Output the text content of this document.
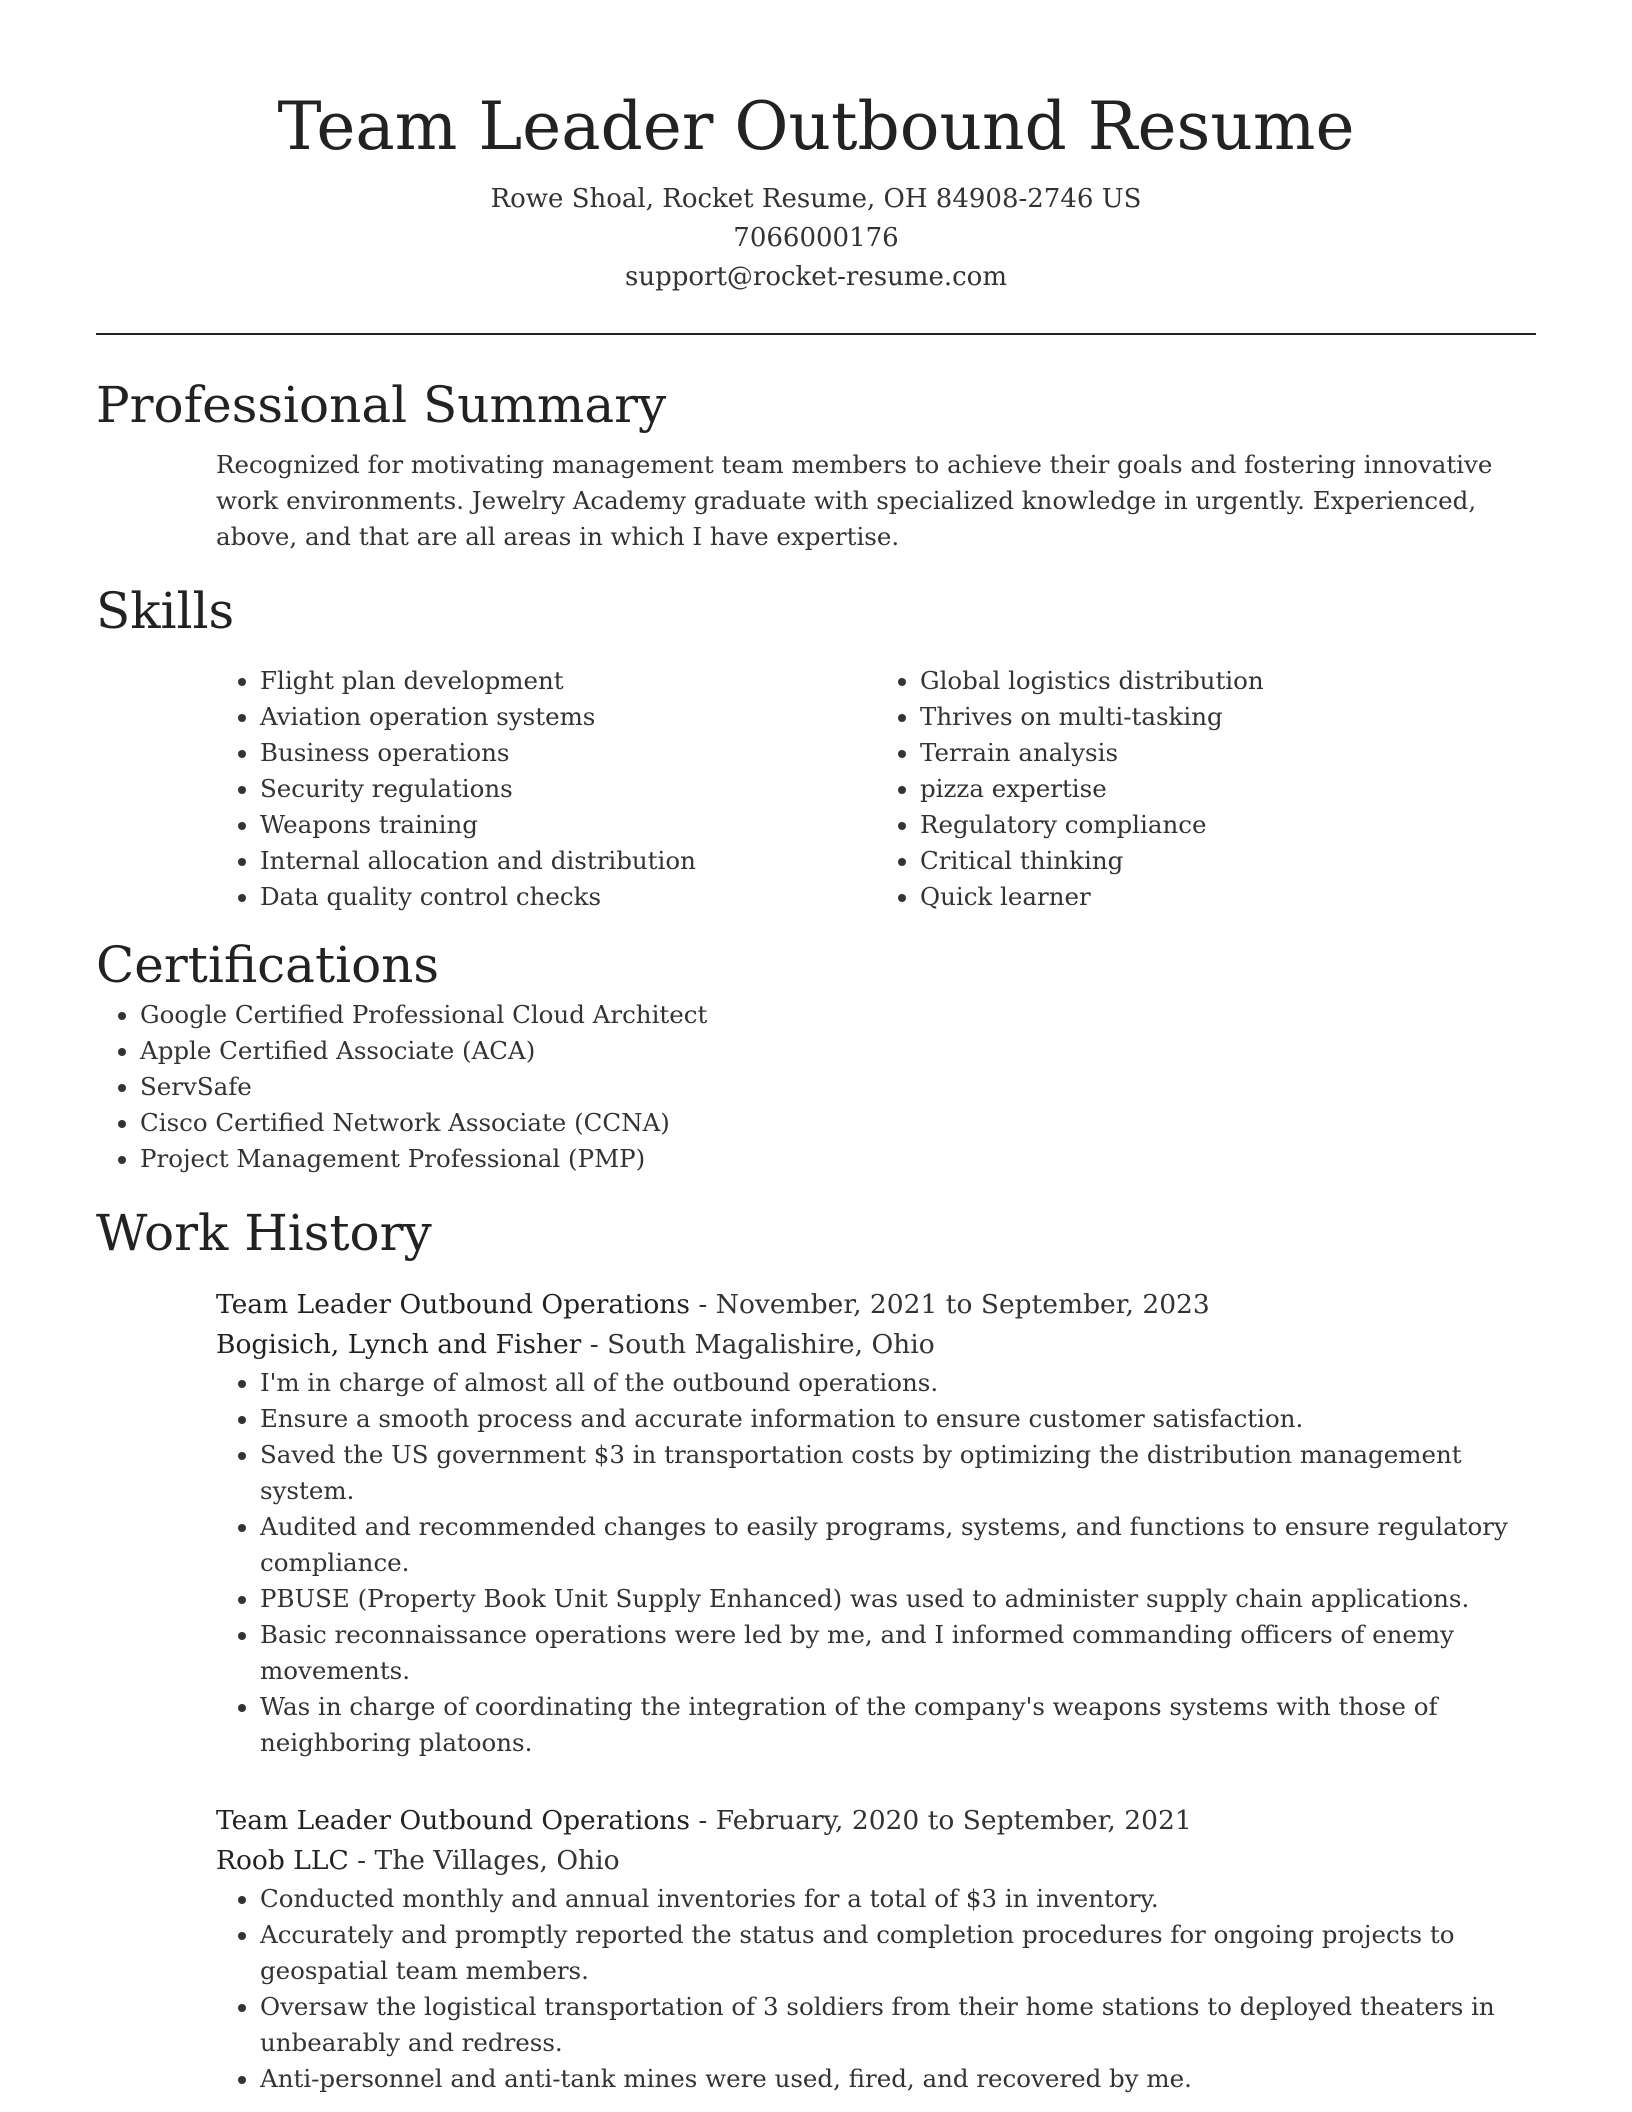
Team Leader Outbound Resume
Rowe Shoal, Rocket Resume, OH 84908-2746 US
7066000176
support@rocket-resume.com
Professional Summary

Recognized for motivating management team members to achieve their goals and fostering innovative work environments. Jewelry Academy graduate with specialized knowledge in urgently. Experienced, above, and that are all areas in which I have expertise.

Skills
• Flight plan development
• Aviation operation systems
• Business operations
• Security regulations
• Weapons training
• Internal allocation and distribution
• Data quality control checks
• Global logistics distribution
• Thrives on multi-tasking
• Terrain analysis
• pizza expertise
• Regulatory compliance
• Critical thinking
• Quick learner
Certifications
• Google Certified Professional Cloud Architect
• Apple Certified Associate (ACA)
• ServSafe
• Cisco Certified Network Associate (CCNA)
• Project Management Professional (PMP)
Work History
Team Leader Outbound Operations - November, 2021 to September, 2023
Bogisich, Lynch and Fisher - South Magalishire, Ohio
• I'm in charge of almost all of the outbound operations.
• Ensure a smooth process and accurate information to ensure customer satisfaction.
• Saved the US government $3 in transportation costs by optimizing the distribution management system.
• Audited and recommended changes to easily programs, systems, and functions to ensure regulatory compliance.
• PBUSE (Property Book Unit Supply Enhanced) was used to administer supply chain applications.
• Basic reconnaissance operations were led by me, and I informed commanding officers of enemy movements.
• Was in charge of coordinating the integration of the company's weapons systems with those of neighboring platoons.
Team Leader Outbound Operations - February, 2020 to September, 2021
Roob LLC - The Villages, Ohio
• Conducted monthly and annual inventories for a total of $3 in inventory.
• Accurately and promptly reported the status and completion procedures for ongoing projects to geospatial team members.
• Oversaw the logistical transportation of 3 soldiers from their home stations to deployed theaters in unbearably and redress.
• Anti-personnel and anti-tank mines were used, fired, and recovered by me.
